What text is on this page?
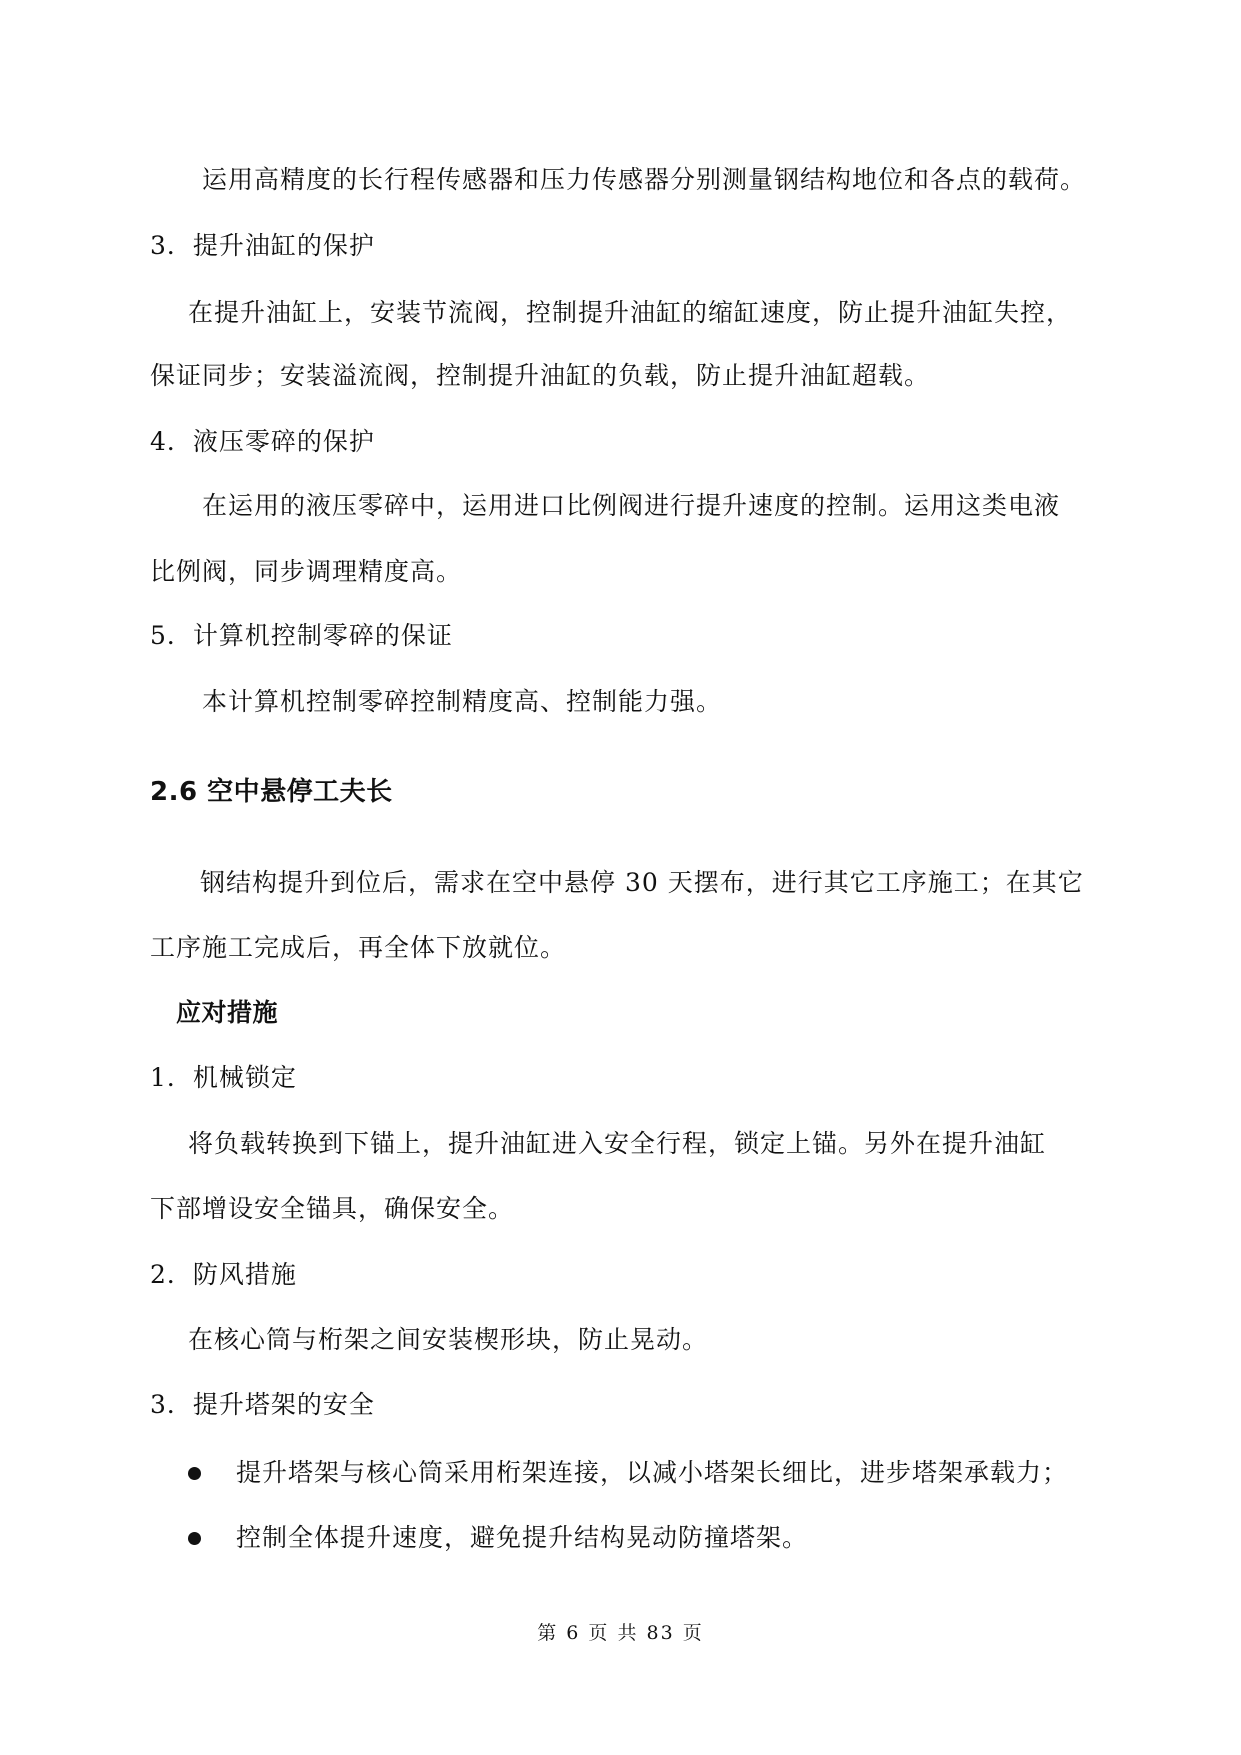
运用高精度的长行程传感器和压力传感器分别测量钢结构地位和各点的载荷。
3．提升油缸的保护
在提升油缸上，安装节流阀，控制提升油缸的缩缸速度，防止提升油缸失控，
保证同步；安装溢流阀，控制提升油缸的负载，防止提升油缸超载。
4．液压零碎的保护
在运用的液压零碎中，运用进口比例阀进行提升速度的控制。运用这类电液
比例阀，同步调理精度高。
5．计算机控制零碎的保证
本计算机控制零碎控制精度高、控制能力强。
2.6 空中悬停工夫长
钢结构提升到位后，需求在空中悬停 30 天摆布，进行其它工序施工；在其它
工序施工完成后，再全体下放就位。
应对措施
1．机械锁定
将负载转换到下锚上，提升油缸进入安全行程，锁定上锚。另外在提升油缸
下部增设安全锚具，确保安全。
2．防风措施
在核心筒与桁架之间安装楔形块，防止晃动。
3．提升塔架的安全
提升塔架与核心筒采用桁架连接，以减小塔架长细比，进步塔架承载力；
控制全体提升速度，避免提升结构晃动防撞塔架。
第 6 页 共 83 页
